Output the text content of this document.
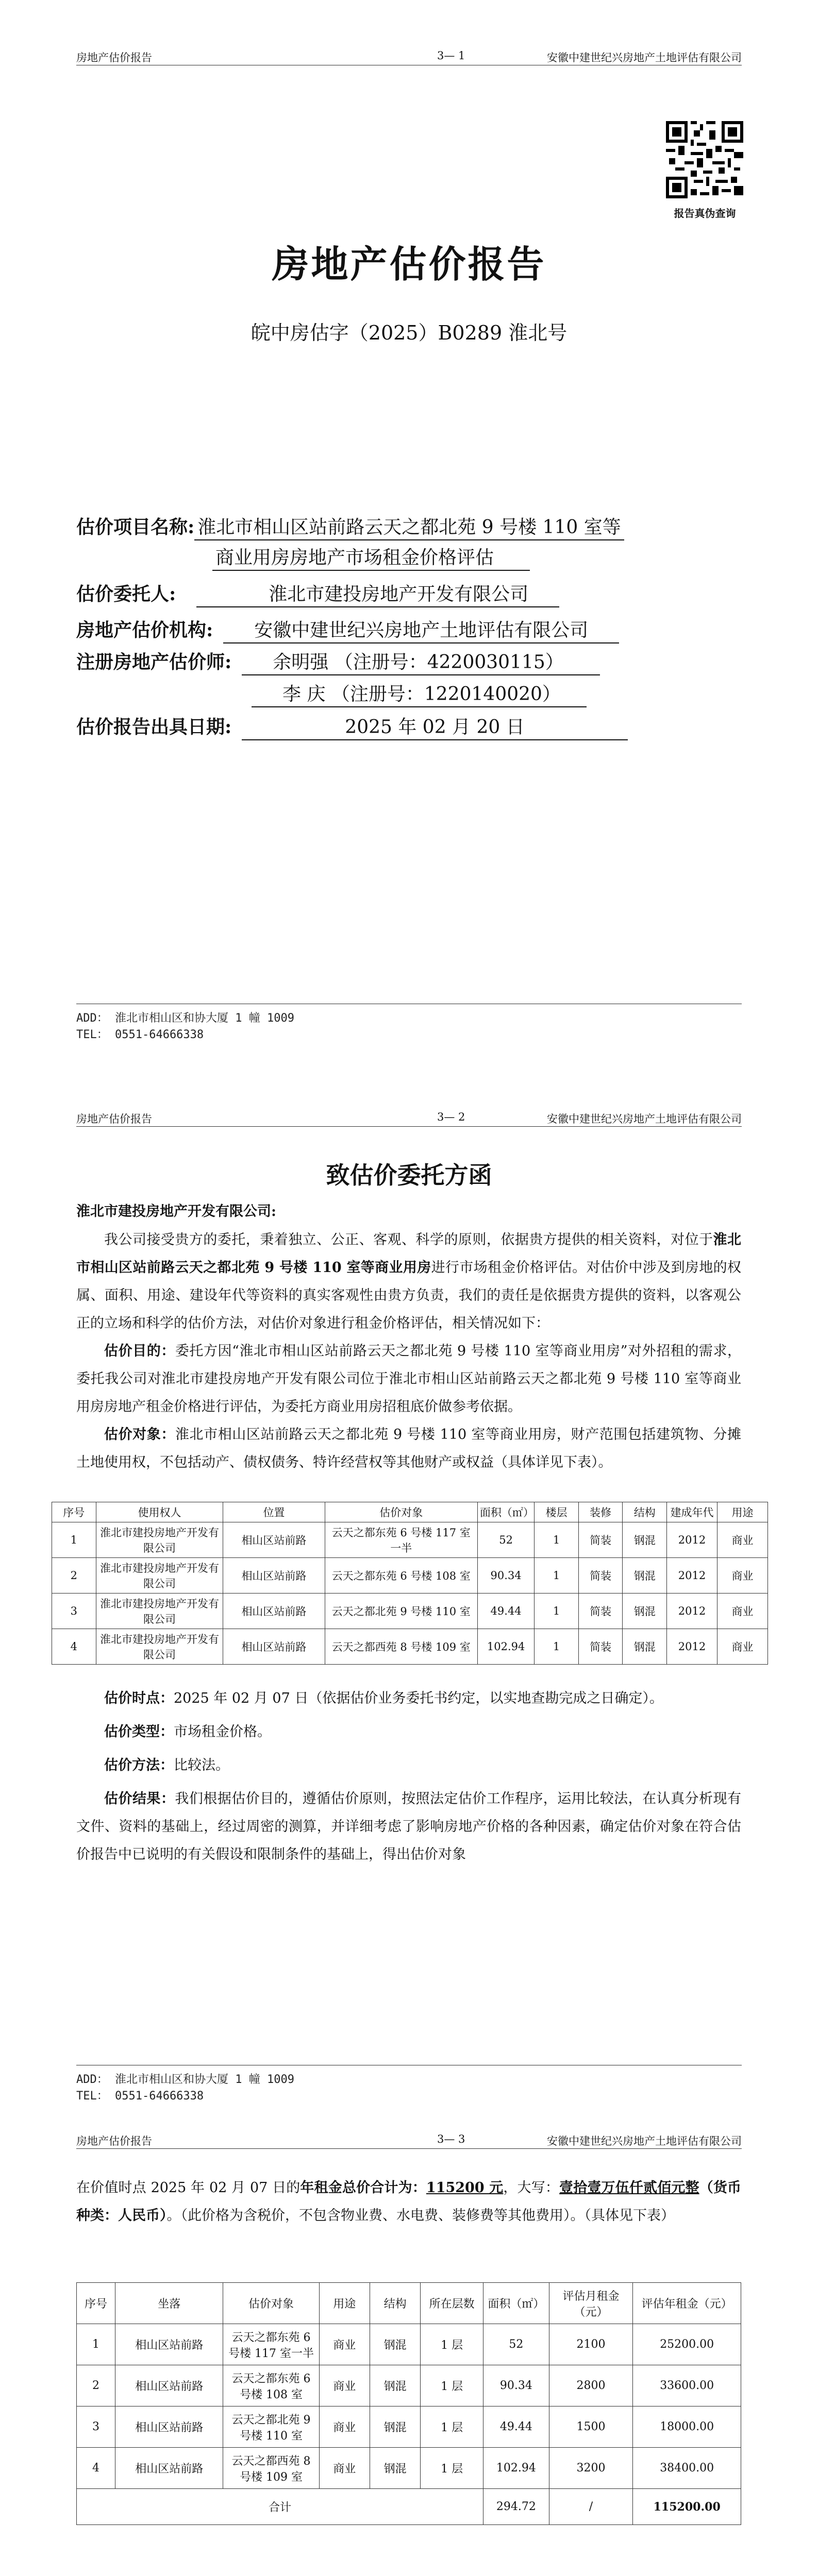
房地产估价报告	3— 1	安徽中建世纪兴房地产土地评估有限公司
报告真伪查询
房地产估价报告
皖中房估字（2025）B0289 淮北号
估价项目名称: 淮北市相山区站前路云天之都北苑 9 号楼 110 室等
商业用房房地产市场租金价格评估
估价委托人:	淮北市建投房地产开发有限公司
房地产估价机构: 安徽中建世纪兴房地产土地评估有限公司
注册房地产估价师: 余明强 （注册号：4220030115）
李 庆 （注册号：1220140020）
估价报告出具日期:	2025 年 02 月 20 日
ADD： 淮北市相山区和协大厦 1 幢 1009
TEL： 0551-64666338
房地产估价报告	3— 2	安徽中建世纪兴房地产土地评估有限公司
致估价委托方函
淮北市建投房地产开发有限公司:
我公司接受贵方的委托，秉着独立、公正、客观、科学的原则，依据贵方提供的相关资料，对位于淮北市相山区站前路云天之都北苑 9 号楼 110 室等商业用房进行市场租金价格评估。对估价中涉及到房地的权属、面积、用途、建设年代等资料的真实客观性由贵方负责，我们的责任是依据贵方提供的资料，以客观公正的立场和科学的估价方法，对估价对象进行租金价格评估，相关情况如下：
估价目的：委托方因“淮北市相山区站前路云天之都北苑 9 号楼 110 室等商业用房”对外招租的需求，委托我公司对淮北市建投房地产开发有限公司位于淮北市相山区站前路云天之都北苑 9 号楼 110 室等商业用房房地产租金价格进行评估，为委托方商业用房招租底价做参考依据。
估价对象：淮北市相山区站前路云天之都北苑 9 号楼 110 室等商业用房，财产范围包括建筑物、分摊土地使用权，不包括动产、债权债务、特许经营权等其他财产或权益（具体详见下表）。
序号	使用权人	位置	估价对象	面积（㎡）	楼层	装修	结构	建成年代	用途
1	淮北市建投房地产开发有限公司	相山区站前路	云天之都东苑 6 号楼 117 室一半	52	1	简装	钢混	2012	商业
2	淮北市建投房地产开发有限公司	相山区站前路	云天之都东苑 6 号楼 108 室	90.34	1	简装	钢混	2012	商业
3	淮北市建投房地产开发有限公司	相山区站前路	云天之都北苑 9 号楼 110 室	49.44	1	简装	钢混	2012	商业
4	淮北市建投房地产开发有限公司	相山区站前路	云天之都西苑 8 号楼 109 室	102.94	1	简装	钢混	2012	商业
估价时点：2025 年 02 月 07 日（依据估价业务委托书约定，以实地查勘完成之日确定）。
估价类型：市场租金价格。
估价方法：比较法。
估价结果：我们根据估价目的，遵循估价原则，按照法定估价工作程序，运用比较法，在认真分析现有文件、资料的基础上，经过周密的测算，并详细考虑了影响房地产价格的各种因素，确定估价对象在符合估价报告中已说明的有关假设和限制条件的基础上，得出估价对象
ADD： 淮北市相山区和协大厦 1 幢 1009
TEL： 0551-64666338
房地产估价报告	3— 3	安徽中建世纪兴房地产土地评估有限公司
在价值时点 2025 年 02 月 07 日的年租金总价合计为：115200 元，大写：壹拾壹万伍仟贰佰元整（货币种类：人民币）。（此价格为含税价，不包含物业费、水电费、装修费等其他费用）。（具体见下表）
序号	坐落	估价对象	用途	结构	所在层数	面积（㎡）	评估月租金（元）	评估年租金（元）
1	相山区站前路	云天之都东苑 6 号楼 117 室一半	商业	钢混	1 层	52	2100	25200.00
2	相山区站前路	云天之都东苑 6 号楼 108 室	商业	钢混	1 层	90.34	2800	33600.00
3	相山区站前路	云天之都北苑 9 号楼 110 室	商业	钢混	1 层	49.44	1500	18000.00
4	相山区站前路	云天之都西苑 8 号楼 109 室	商业	钢混	1 层	102.94	3200	38400.00
合计						294.72	/	115200.00
